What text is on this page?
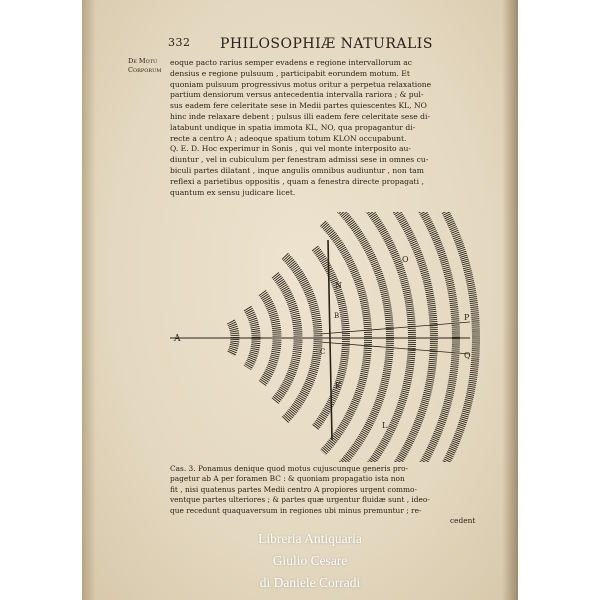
332 PHILOSOPHIÆ NATURALIS
De Motu
Corporum
eoque pacto rarius semper evadens e regione intervallorum ac
densius e regione pulsuum , participabit eorundem motum. Et
quoniam pulsuum progressivus motus oritur a perpetua relaxatione
partium densiorum versus antecedentia intervalla rariora ; & pul-
sus eadem fere celeritate sese in Medii partes quiescentes KL, NO
hinc inde relaxare debent ; pulsus illi eadem fere celeritate sese di-
latabunt undique in spatia immota KL, NO, qua propagantur di-
recte a centro A ; adeoque spatium totum KLON occupabunt.
Q. E. D. Hoc experimur in Sonis , qui vel monte interposito au-
diuntur , vel in cubiculum per fenestram admissi sese in omnes cu-
biculi partes dilatant , inque angulis omnibus audiuntur , non tam
reflexi a parietibus oppositis , quam a fenestra directe propagati ,
quantum ex sensu judicare licet.
A
N
B
C
K
O
L
P
Q
Cas. 3. Ponamus denique quod motus cujuscunque generis pro-
pagetur ab A per foramen BC : & quoniam propagatio ista non
fit , nisi quatenus partes Medii centro A propiores urgent commo-
ventque partes ulteriores ; & partes quæ urgentur fluidæ sunt , ideo-
que recedunt quaquaversum in regiones ubi minus premuntur ; re-
cedent
Libreria Antiquaria
Giulio Cesare
di Daniele Corradi
